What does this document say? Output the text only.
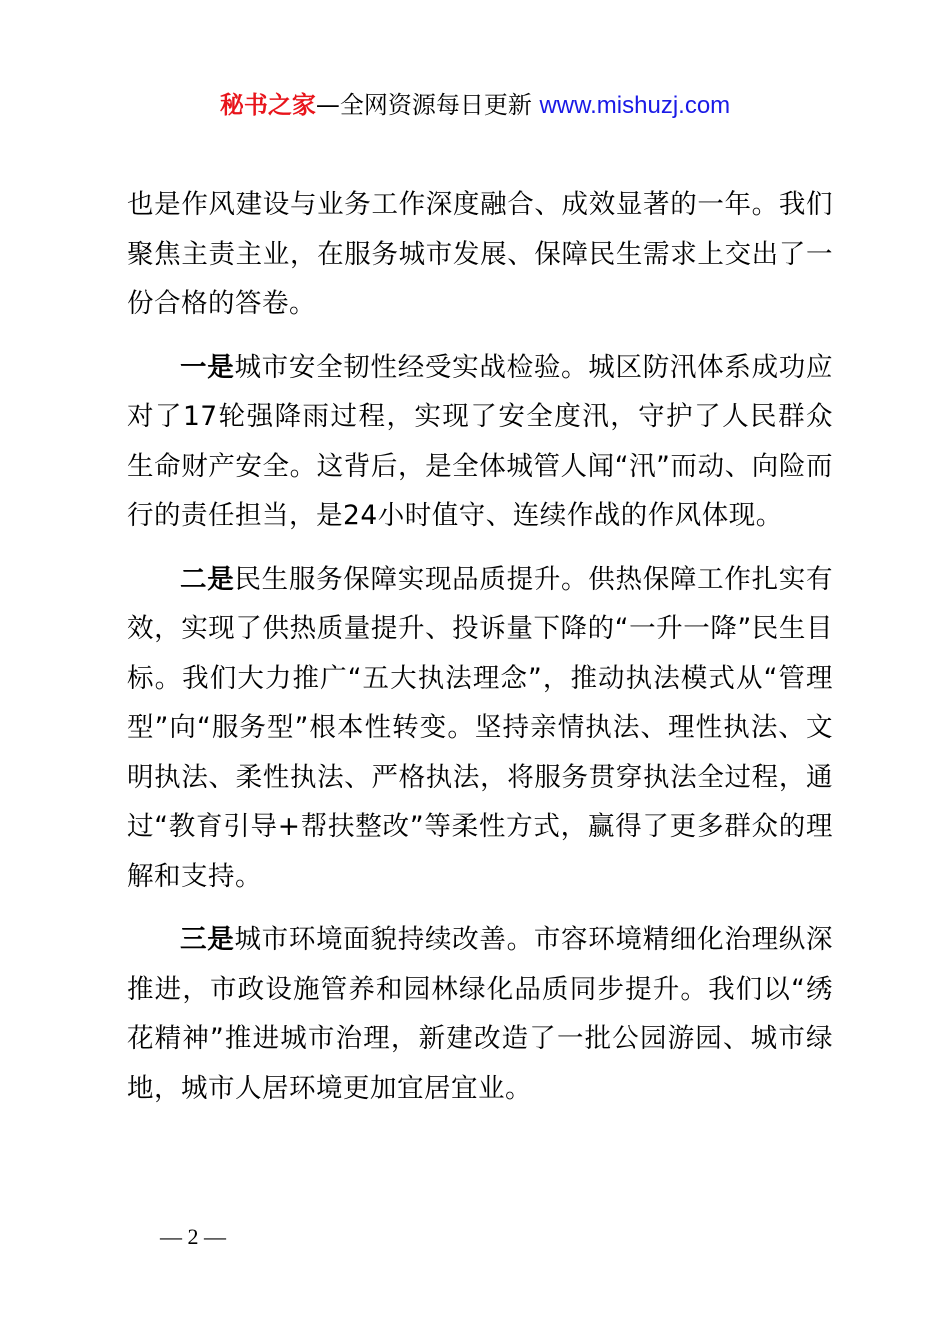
秘书之家—全网资源每日更新 www.mishuzj.com

也是作风建设与业务工作深度融合、成效显著的一年。我们聚焦主责主业，在服务城市发展、保障民生需求上交出了一份合格的答卷。

一是城市安全韧性经受实战检验。城区防汛体系成功应对了17轮强降雨过程，实现了安全度汛，守护了人民群众生命财产安全。这背后，是全体城管人闻“汛”而动、向险而行的责任担当，是24小时值守、连续作战的作风体现。

二是民生服务保障实现品质提升。供热保障工作扎实有效，实现了供热质量提升、投诉量下降的“一升一降”民生目标。我们大力推广“五大执法理念”，推动执法模式从“管理型”向“服务型”根本性转变。坚持亲情执法、理性执法、文明执法、柔性执法、严格执法，将服务贯穿执法全过程，通过“教育引导+帮扶整改”等柔性方式，赢得了更多群众的理解和支持。

三是城市环境面貌持续改善。市容环境精细化治理纵深推进，市政设施管养和园林绿化品质同步提升。我们以“绣花精神”推进城市治理，新建改造了一批公园游园、城市绿地，城市人居环境更加宜居宜业。

— 2 —
